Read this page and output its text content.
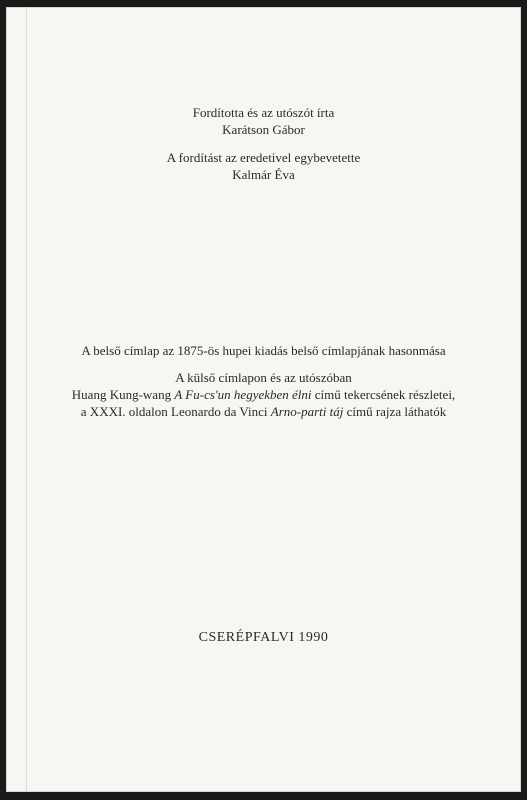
Fordította és az utószót írta
Karátson Gábor
A fordítást az eredetivel egybevetette
Kalmár Éva
A belső címlap az 1875-ös hupei kiadás belső címlapjának hasonmása
A külső címlapon és az utószóban
Huang Kung-wang A Fu-cs'un hegyekben élni című tekercsének részletei,
a XXXI. oldalon Leonardo da Vinci Arno-parti táj című rajza láthatók
CSERÉPFALVI 1990
